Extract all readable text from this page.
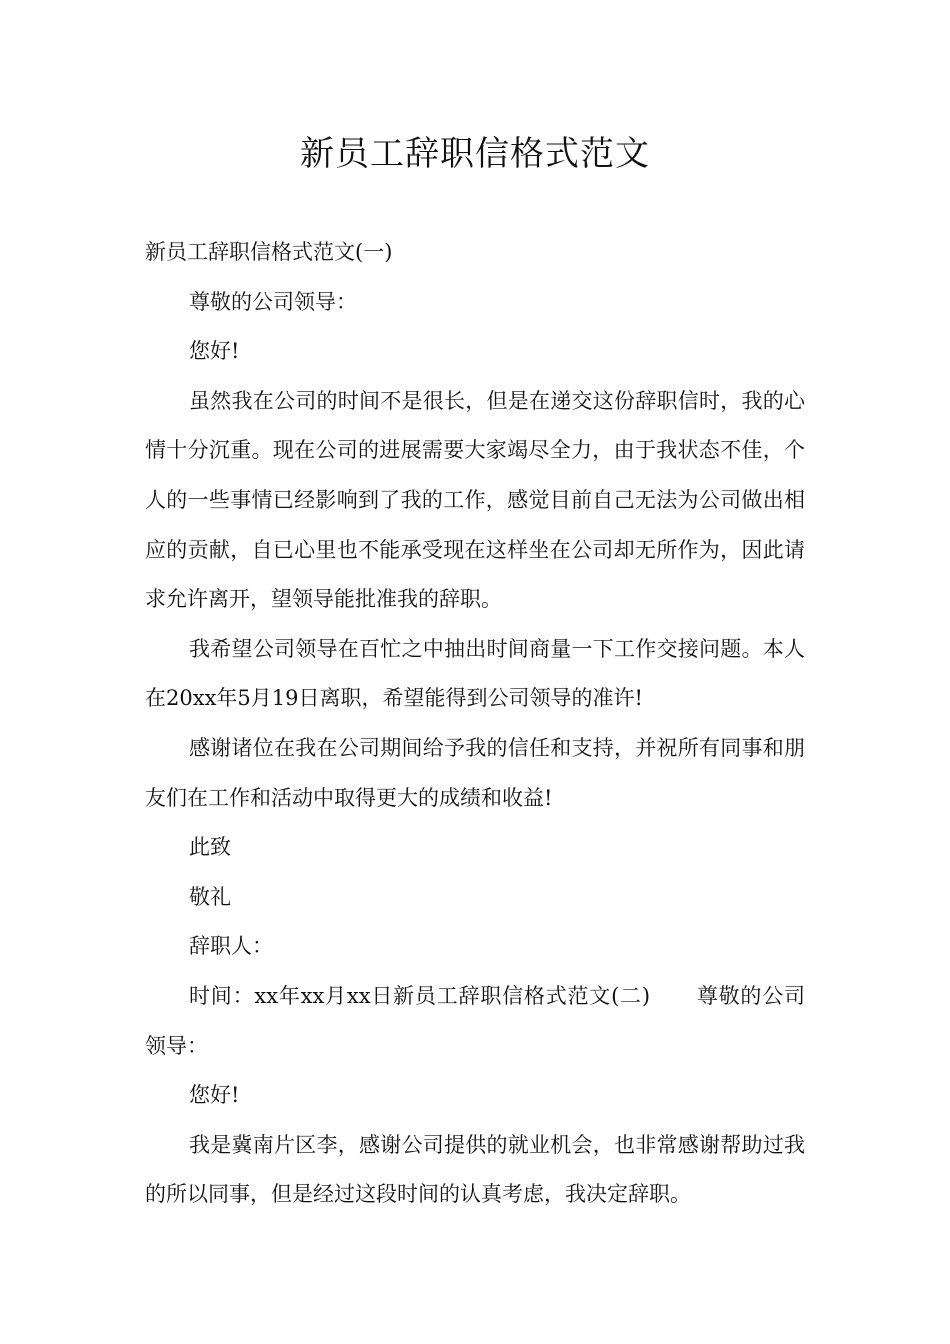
新员工辞职信格式范文

新员工辞职信格式范文(一)

尊敬的公司领导：

您好!

虽然我在公司的时间不是很长，但是在递交这份辞职信时，我的心情十分沉重。现在公司的进展需要大家竭尽全力，由于我状态不佳，个人的一些事情已经影响到了我的工作，感觉目前自己无法为公司做出相应的贡献，自已心里也不能承受现在这样坐在公司却无所作为，因此请求允许离开，望领导能批准我的辞职。

我希望公司领导在百忙之中抽出时间商量一下工作交接问题。本人在20xx年5月19日离职，希望能得到公司领导的准许!

感谢诸位在我在公司期间给予我的信任和支持，并祝所有同事和朋友们在工作和活动中取得更大的成绩和收益!

此致

敬礼

辞职人：

时间：xx年xx月xx日新员工辞职信格式范文(二) 尊敬的公司领导：

您好!

我是冀南片区李，感谢公司提供的就业机会，也非常感谢帮助过我的所以同事，但是经过这段时间的认真考虑，我决定辞职。
